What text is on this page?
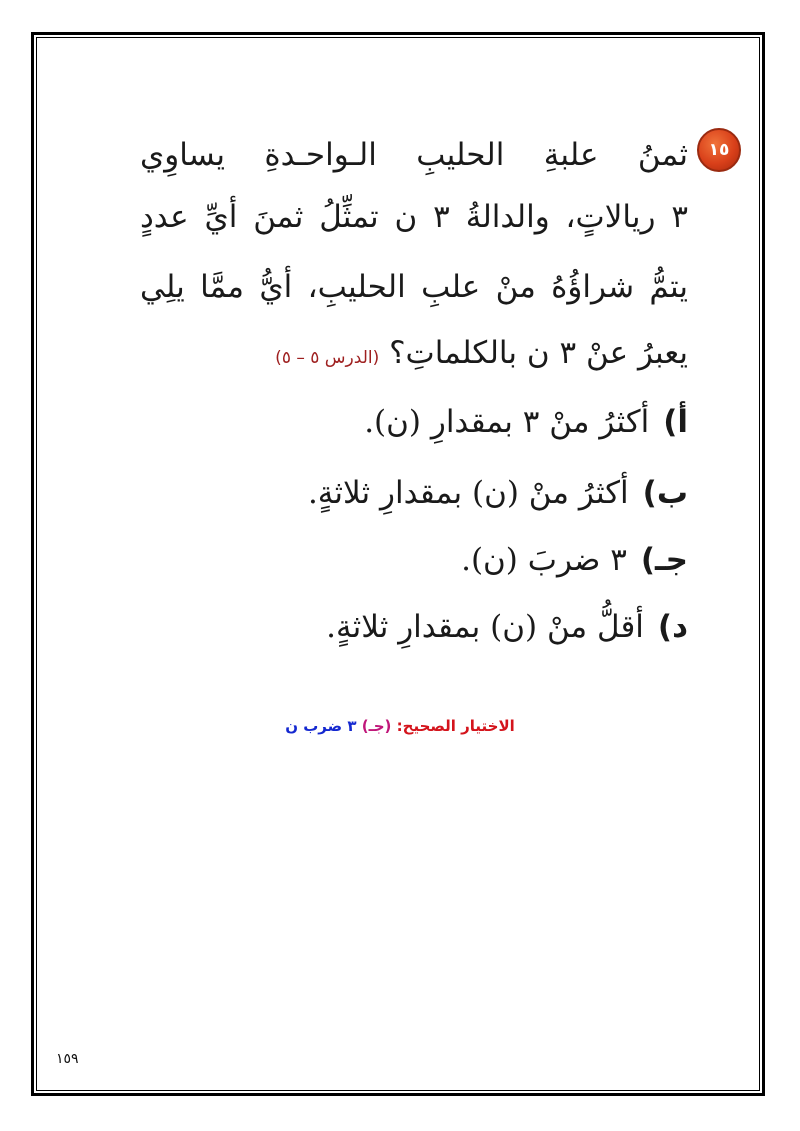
١٥
ثمنُ علبةِ الحليبِ الـواحـدةِ يساوِي
٣ ريالاتٍ، والدالةُ ٣ ن تمثِّلُ ثمنَ أيِّ عددٍ
يتمُّ شراؤُهُ منْ علبِ الحليبِ، أيُّ ممَّا يلِي
يعبرُ عنْ ٣ ن بالكلماتِ؟ (الدرس ٥ – ٥)
أ)أكثرُ منْ ٣ بمقدارِ (ن).
ب)أكثرُ منْ (ن) بمقدارِ ثلاثةٍ.
جـ)٣ ضربَ (ن).
د)أقلُّ منْ (ن) بمقدارِ ثلاثةٍ.
الاختيار الصحيح: (جـ) ٣ ضرب ن
١٥٩
